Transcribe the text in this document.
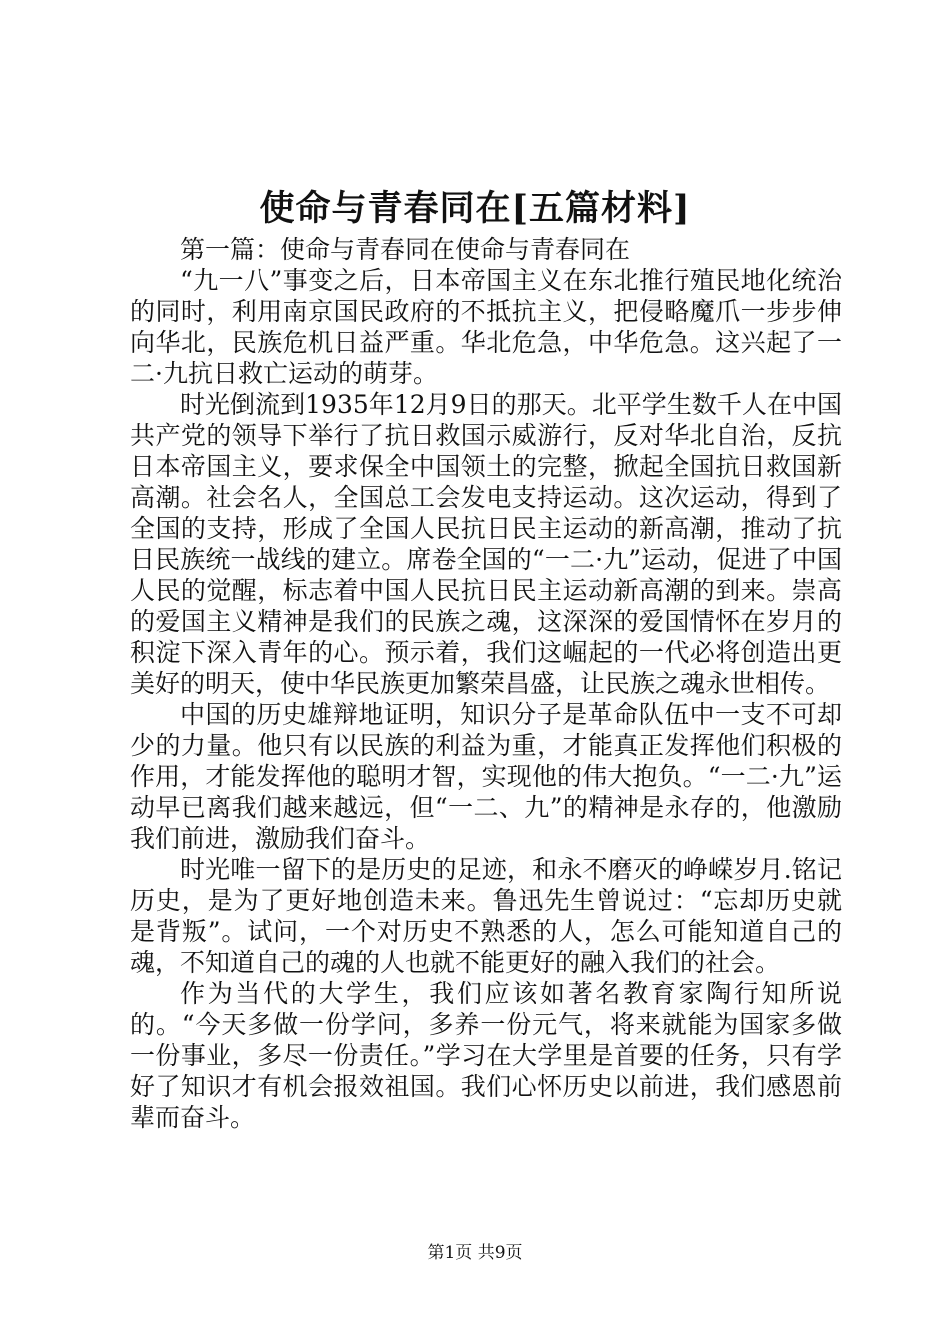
使命与青春同在[五篇材料]

第一篇：使命与青春同在使命与青春同在

“九一八”事变之后，日本帝国主义在东北推行殖民地化统治的同时，利用南京国民政府的不抵抗主义，把侵略魔爪一步步伸向华北，民族危机日益严重。华北危急，中华危急。这兴起了一二·九抗日救亡运动的萌芽。

时光倒流到1935年12月9日的那天。北平学生数千人在中国共产党的领导下举行了抗日救国示威游行，反对华北自治，反抗日本帝国主义，要求保全中国领土的完整，掀起全国抗日救国新高潮。社会名人，全国总工会发电支持运动。这次运动，得到了全国的支持，形成了全国人民抗日民主运动的新高潮，推动了抗日民族统一战线的建立。席卷全国的“一二·九”运动，促进了中国人民的觉醒，标志着中国人民抗日民主运动新高潮的到来。崇高的爱国主义精神是我们的民族之魂，这深深的爱国情怀在岁月的积淀下深入青年的心。预示着，我们这崛起的一代必将创造出更美好的明天，使中华民族更加繁荣昌盛，让民族之魂永世相传。

中国的历史雄辩地证明，知识分子是革命队伍中一支不可却少的力量。他只有以民族的利益为重，才能真正发挥他们积极的作用，才能发挥他的聪明才智，实现他的伟大抱负。“一二·九”运动早已离我们越来越远，但“一二、九”的精神是永存的，他激励我们前进，激励我们奋斗。

时光唯一留下的是历史的足迹，和永不磨灭的峥嵘岁月.铭记历史，是为了更好地创造未来。鲁迅先生曾说过：“忘却历史就是背叛”。试问，一个对历史不熟悉的人，怎么可能知道自己的魂，不知道自己的魂的人也就不能更好的融入我们的社会。

作为当代的大学生，我们应该如著名教育家陶行知所说的。“今天多做一份学问，多养一份元气，将来就能为国家多做一份事业，多尽一份责任。”学习在大学里是首要的任务，只有学好了知识才有机会报效祖国。我们心怀历史以前进，我们感恩前辈而奋斗。

第1页 共9页
